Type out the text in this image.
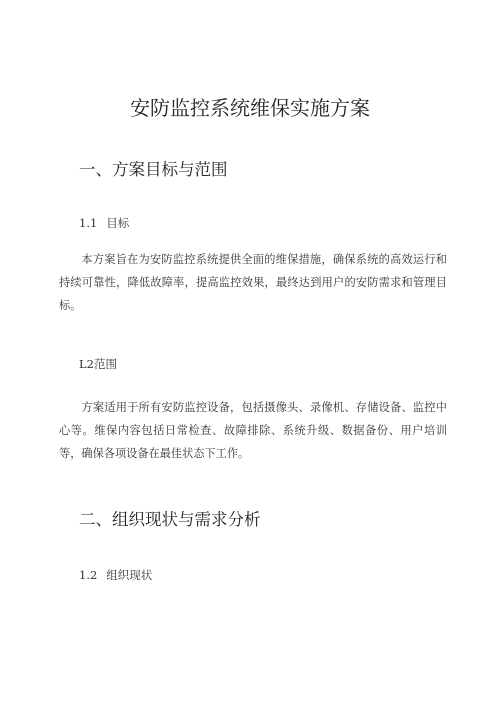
安防监控系统维保实施方案
一、方案目标与范围
1.1 目标
本方案旨在为安防监控系统提供全面的维保措施，确保系统的高效运行和持续可靠性，降低故障率，提高监控效果，最终达到用户的安防需求和管理目标。
L2范围
方案适用于所有安防监控设备，包括摄像头、录像机、存储设备、监控中心等。维保内容包括日常检查、故障排除、系统升级、数据备份、用户培训等，确保各项设备在最佳状态下工作。
二、组织现状与需求分析
1.2 组织现状
